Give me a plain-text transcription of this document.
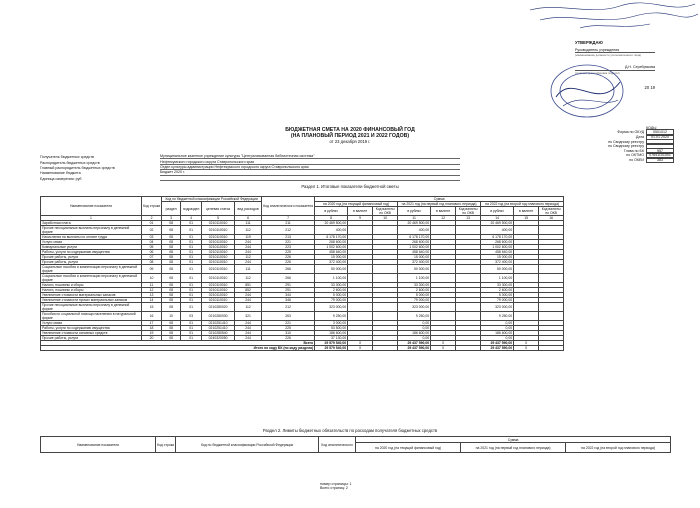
УТВЕРЖДАЮ
Руководитель учреждения
(наименование должности уполномоченного лица)
Д.Н. Серебрякова
(подпись) (расшифровка подписи)
20 19
БЮДЖЕТНАЯ СМЕТА НА 2020 ФИНАНСОВЫЙ ГОД
(НА ПЛАНОВЫЙ ПЕРИОД 2021 И 2022 ГОДОВ)
от 23 декабря 2019 г.
КОДЫ
Форма по ОКУД	0501012
Дата	01.01.2020
по Сводному реестру
по Сводному реестру
Глава по БК	957
по ОКТМО	07641101001
по ОКЕИ	383
Получатель бюджетных средств	Муниципальное казенное учреждение культуры "Централизованная библиотечная система"
Распорядитель бюджетных средств	Нефтекумского городского округа Ставропольского края
Главный распорядитель бюджетных средств	Отдел культуры администрации Нефтекумского городского округа Ставропольского края
Наименование бюджета	Бюджет 2020 г.
Единица измерения: руб
Раздел 1. Итоговые показатели бюджетной сметы
Наименование показателя	Код строки	Код по бюджетной классификации Российской Федерации				Код аналитического показателя	Сумма								
		раздел	подраздел	целевая статья	вид расходов		на 2020 год (на текущий финансовый год)			на 2021 год (на первый год планового периода)			на 2022 год (на второй год планового периода)		
							в рублях	в валюте	Код валюты по ОКВ	в рублях	в валюте	Код валюты по ОКВ	в рублях	в валюте	Код валюты по ОКВ
1	2	3	4	5	6	7	8	9	10	11	12	13	14	15	16
Заработная плата	01	08	01	0210110010	111	211	20 469 500,00			20 469 500,00			20 469 500,00		
Прочие несоциальные выплаты персоналу в денежной форме	02	08	01	0210110010	112	212	400,00			400,00			400,00		
Начисления на выплаты по оплате труда	03	08	01	0210110010	119	213	6 178 170,00			6 178 170,00			6 178 170,00		
Услуги связи	04	08	01	0210110010	244	221	268 600,00			268 600,00			268 600,00		
Коммунальные услуги	05	08	01	0210110010	244	223	1 002 600,00			1 002 600,00			1 002 600,00		
Работы, услуги по содержанию имущества	06	08	01	0210110010	244	225	458 640,00			458 640,00			458 640,00		
Прочие работы, услуги	07	08	01	0210110010	112	226	15 000,00			15 000,00			15 000,00		
Прочие работы, услуги	08	08	01	0210110010	244	226	372 400,00			372 400,00			372 400,00		
Социальные пособия и компенсации персоналу в денежной форме	09	08	01	0210110010	111	266	50 000,00			50 000,00			50 000,00		
Социальные пособия и компенсации персоналу в денежной форме	10	08	01	0210110010	112	266	1 100,00			1 100,00			1 100,00		
Налоги, пошлины и сборы	11	08	01	0210110010	851	291	33 300,00			33 300,00			33 300,00		
Налоги, пошлины и сборы	12	08	01	0210110010	852	291	2 600,00			2 600,00			2 600,00		
Увеличение стоимости материальных запасов	13	08	01	0210110010	244	344	5 000,00			5 000,00			5 000,00		
Увеличение стоимости прочих материальных запасов	14	08	01	0210110010	244	346	79 000,00			79 000,00			79 000,00		
Прочие несоциальные выплаты персоналу в денежной форме	15	08	01	0210280020	112	212	323 000,00			323 000,00			323 000,00		
Пособия по социальной помощи населению в натуральной форме	16	10	03	0210280030	321	263	9 250,00			9 250,00			9 250,00		
Услуги связи	17	08	01	0210251410	244	221	3 000,00			0,00			0,00		
Работы, услуги по содержанию имущества	18	08	01	0210251410	244	225	53 500,00			0,00			0,00		
Увеличение стоимости основных средств	19	08	01	0210280540	244	310	186 600,00			186 600,00			186 600,00		
Прочие работы, услуги	20	08	01	0240320050	244	226	37 130,00			0,00			0,00		
Всего							29 579 540,00	X		29 437 590,00	X		29 437 590,00	X	
Итого по коду БК (по коду раздела)							29 579 540,00	X		29 437 590,00	X		29 437 590,00	X	
Раздел 2. Лимиты бюджетных обязательств по расходам получателя бюджетных средств
Наименование показателя	Код строки	Код по бюджетной классификации Российской Федерации	Код аналитического	Сумма		
				на 2020 год (на текущий финансовый год)	на 2021 год (на первый год планового периода)	на 2022 год (на второй год планового периода)
номер страницы: 1
Всего страниц: 2
